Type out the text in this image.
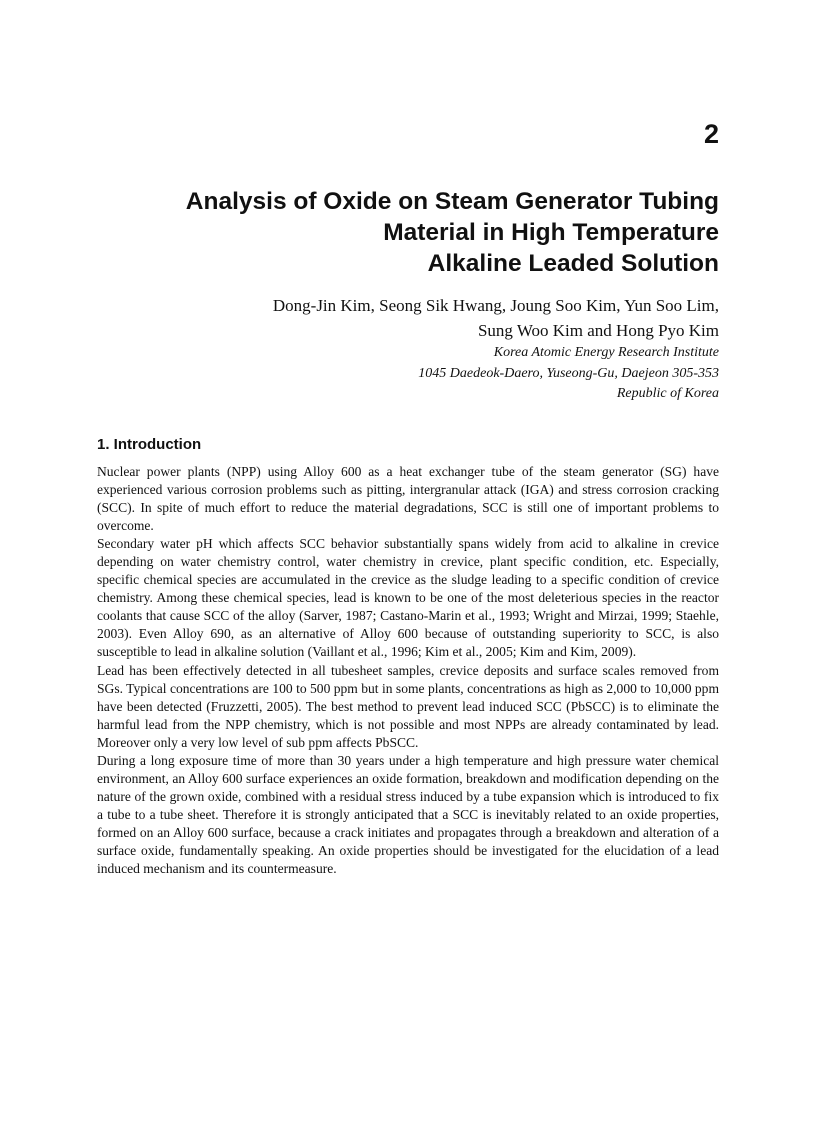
2
Analysis of Oxide on Steam Generator Tubing
Material in High Temperature
Alkaline Leaded Solution
Dong-Jin Kim, Seong Sik Hwang, Joung Soo Kim, Yun Soo Lim,
Sung Woo Kim and Hong Pyo Kim
Korea Atomic Energy Research Institute
1045 Daedeok-Daero, Yuseong-Gu, Daejeon 305-353
Republic of Korea
1. Introduction

Nuclear power plants (NPP) using Alloy 600 as a heat exchanger tube of the steam generator (SG) have experienced various corrosion problems such as pitting, intergranular attack (IGA) and stress corrosion cracking (SCC). In spite of much effort to reduce the material degradations, SCC is still one of important problems to overcome.

Secondary water pH which affects SCC behavior substantially spans widely from acid to alkaline in crevice depending on water chemistry control, water chemistry in crevice, plant specific condition, etc. Especially, specific chemical species are accumulated in the crevice as the sludge leading to a specific condition of crevice chemistry. Among these chemical species, lead is known to be one of the most deleterious species in the reactor coolants that cause SCC of the alloy (Sarver, 1987; Castano-Marin et al., 1993; Wright and Mirzai, 1999; Staehle, 2003). Even Alloy 690, as an alternative of Alloy 600 because of outstanding superiority to SCC, is also susceptible to lead in alkaline solution (Vaillant et al., 1996; Kim et al., 2005; Kim and Kim, 2009).

Lead has been effectively detected in all tubesheet samples, crevice deposits and surface scales removed from SGs. Typical concentrations are 100 to 500 ppm but in some plants, concentrations as high as 2,000 to 10,000 ppm have been detected (Fruzzetti, 2005). The best method to prevent lead induced SCC (PbSCC) is to eliminate the harmful lead from the NPP chemistry, which is not possible and most NPPs are already contaminated by lead. Moreover only a very low level of sub ppm affects PbSCC.

During a long exposure time of more than 30 years under a high temperature and high pressure water chemical environment, an Alloy 600 surface experiences an oxide formation, breakdown and modification depending on the nature of the grown oxide, combined with a residual stress induced by a tube expansion which is introduced to fix a tube to a tube sheet. Therefore it is strongly anticipated that a SCC is inevitably related to an oxide properties, formed on an Alloy 600 surface, because a crack initiates and propagates through a breakdown and alteration of a surface oxide, fundamentally speaking. An oxide properties should be investigated for the elucidation of a lead induced mechanism and its countermeasure.
